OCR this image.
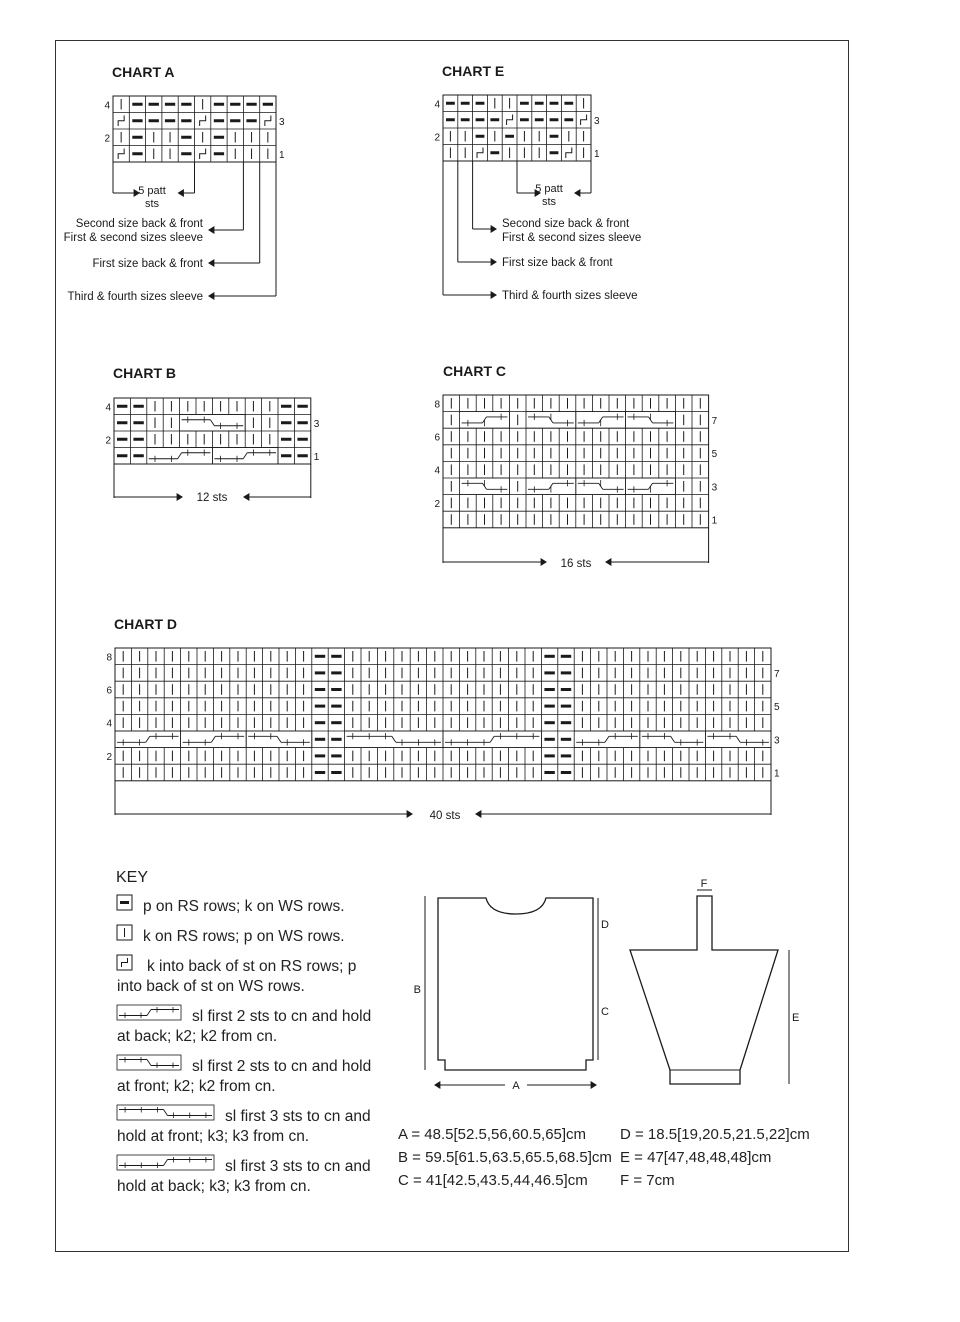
CHART A
4
3
2
1
5 patt
sts
Second size back & front
First & second sizes sleeve
First size back & front
Third & fourth sizes sleeve
CHART E
4
3
2
1
5 patt
sts
Second size back & front
First & second sizes sleeve
First size back & front
Third & fourth sizes sleeve
CHART B
4
3
2
1
12 sts
CHART C
8
7
6
5
4
3
2
1
16 sts
CHART D
8
7
6
5
4
3
2
1
40 sts
B
A
D
C
F
E
KEY
p on RS rows; k on WS rows.
k on RS rows; p on WS rows.
k into back of st on RS rows; p
into back of st on WS rows.
sl first 2 sts to cn and hold
at back; k2; k2 from cn.
sl first 2 sts to cn and hold
at front; k2; k2 from cn.
sl first 3 sts to cn and
hold at front; k3; k3 from cn.
sl first 3 sts to cn and
hold at back; k3; k3 from cn.
A = 48.5[52.5,56,60.5,65]cm
B = 59.5[61.5,63.5,65.5,68.5]cm
C = 41[42.5,43.5,44,46.5]cm
D = 18.5[19,20.5,21.5,22]cm
E = 47[47,48,48,48]cm
F = 7cm
